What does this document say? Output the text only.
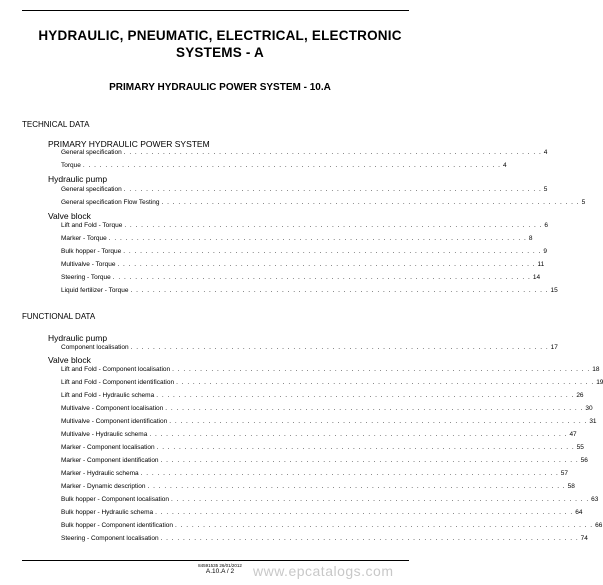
HYDRAULIC, PNEUMATIC, ELECTRICAL, ELECTRONIC SYSTEMS - A
PRIMARY HYDRAULIC POWER SYSTEM - 10.A
TECHNICAL DATA
PRIMARY HYDRAULIC POWER SYSTEM
General specification . . . . . . . . . . . . . . . . . . . . . . . . . . . . . . . . . . . . . . . . . . . . . . . . . . . . . . . . . . . . . . . . . . . . . . . . . . . 4
Torque . . . . . . . . . . . . . . . . . . . . . . . . . . . . . . . . . . . . . . . . . . . . . . . . . . . . . . . . . . . . . . . . . . . . . . . . . . . 4
Hydraulic pump
General specification . . . . . . . . . . . . . . . . . . . . . . . . . . . . . . . . . . . . . . . . . . . . . . . . . . . . . . . . . . . . . . . . . . . . . . . . . . . 5
General specification Flow Testing . . . . . . . . . . . . . . . . . . . . . . . . . . . . . . . . . . . . . . . . . . . . . . . . . . . . . . . . . . . . . . . . . . . . . . . . . . . 5
Valve block
Lift and Fold - Torque . . . . . . . . . . . . . . . . . . . . . . . . . . . . . . . . . . . . . . . . . . . . . . . . . . . . . . . . . . . . . . . . . . . . . . . . . . . 6
Marker - Torque . . . . . . . . . . . . . . . . . . . . . . . . . . . . . . . . . . . . . . . . . . . . . . . . . . . . . . . . . . . . . . . . . . . . . . . . . . . 8
Bulk hopper - Torque . . . . . . . . . . . . . . . . . . . . . . . . . . . . . . . . . . . . . . . . . . . . . . . . . . . . . . . . . . . . . . . . . . . . . . . . . . . 9
Multivalve - Torque . . . . . . . . . . . . . . . . . . . . . . . . . . . . . . . . . . . . . . . . . . . . . . . . . . . . . . . . . . . . . . . . . . . . . . . . . . . 11
Steering - Torque . . . . . . . . . . . . . . . . . . . . . . . . . . . . . . . . . . . . . . . . . . . . . . . . . . . . . . . . . . . . . . . . . . . . . . . . . . . 14
Liquid fertilizer - Torque . . . . . . . . . . . . . . . . . . . . . . . . . . . . . . . . . . . . . . . . . . . . . . . . . . . . . . . . . . . . . . . . . . . . . . . . . . . 15
FUNCTIONAL DATA
Hydraulic pump
Component localisation . . . . . . . . . . . . . . . . . . . . . . . . . . . . . . . . . . . . . . . . . . . . . . . . . . . . . . . . . . . . . . . . . . . . . . . . . . . 17
Valve block
Lift and Fold - Component localisation . . . . . . . . . . . . . . . . . . . . . . . . . . . . . . . . . . . . . . . . . . . . . . . . . . . . . . . . . . . . . . . . . . . . . . . . . . . 18
Lift and Fold - Component identification . . . . . . . . . . . . . . . . . . . . . . . . . . . . . . . . . . . . . . . . . . . . . . . . . . . . . . . . . . . . . . . . . . . . . . . . . . . 19
Lift and Fold - Hydraulic schema . . . . . . . . . . . . . . . . . . . . . . . . . . . . . . . . . . . . . . . . . . . . . . . . . . . . . . . . . . . . . . . . . . . . . . . . . . . 26
Multivalve - Component localisation . . . . . . . . . . . . . . . . . . . . . . . . . . . . . . . . . . . . . . . . . . . . . . . . . . . . . . . . . . . . . . . . . . . . . . . . . . . 30
Multivalve - Component identification . . . . . . . . . . . . . . . . . . . . . . . . . . . . . . . . . . . . . . . . . . . . . . . . . . . . . . . . . . . . . . . . . . . . . . . . . . . 31
Multivalve - Hydraulic schema . . . . . . . . . . . . . . . . . . . . . . . . . . . . . . . . . . . . . . . . . . . . . . . . . . . . . . . . . . . . . . . . . . . . . . . . . . . 47
Marker - Component localisation . . . . . . . . . . . . . . . . . . . . . . . . . . . . . . . . . . . . . . . . . . . . . . . . . . . . . . . . . . . . . . . . . . . . . . . . . . . 55
Marker - Component identification . . . . . . . . . . . . . . . . . . . . . . . . . . . . . . . . . . . . . . . . . . . . . . . . . . . . . . . . . . . . . . . . . . . . . . . . . . . 56
Marker - Hydraulic schema . . . . . . . . . . . . . . . . . . . . . . . . . . . . . . . . . . . . . . . . . . . . . . . . . . . . . . . . . . . . . . . . . . . . . . . . . . . 57
Marker - Dynamic description . . . . . . . . . . . . . . . . . . . . . . . . . . . . . . . . . . . . . . . . . . . . . . . . . . . . . . . . . . . . . . . . . . . . . . . . . . . 58
Bulk hopper - Component localisation . . . . . . . . . . . . . . . . . . . . . . . . . . . . . . . . . . . . . . . . . . . . . . . . . . . . . . . . . . . . . . . . . . . . . . . . . . . 63
Bulk hopper - Hydraulic schema . . . . . . . . . . . . . . . . . . . . . . . . . . . . . . . . . . . . . . . . . . . . . . . . . . . . . . . . . . . . . . . . . . . . . . . . . . . 64
Bulk hopper - Component identification . . . . . . . . . . . . . . . . . . . . . . . . . . . . . . . . . . . . . . . . . . . . . . . . . . . . . . . . . . . . . . . . . . . . . . . . . . . 66
Steering - Component localisation . . . . . . . . . . . . . . . . . . . . . . . . . . . . . . . . . . . . . . . . . . . . . . . . . . . . . . . . . . . . . . . . . . . . . . . . . . . 74
84591535 26/01/2012
A.10.A / 2	www.epcatalogs.com
